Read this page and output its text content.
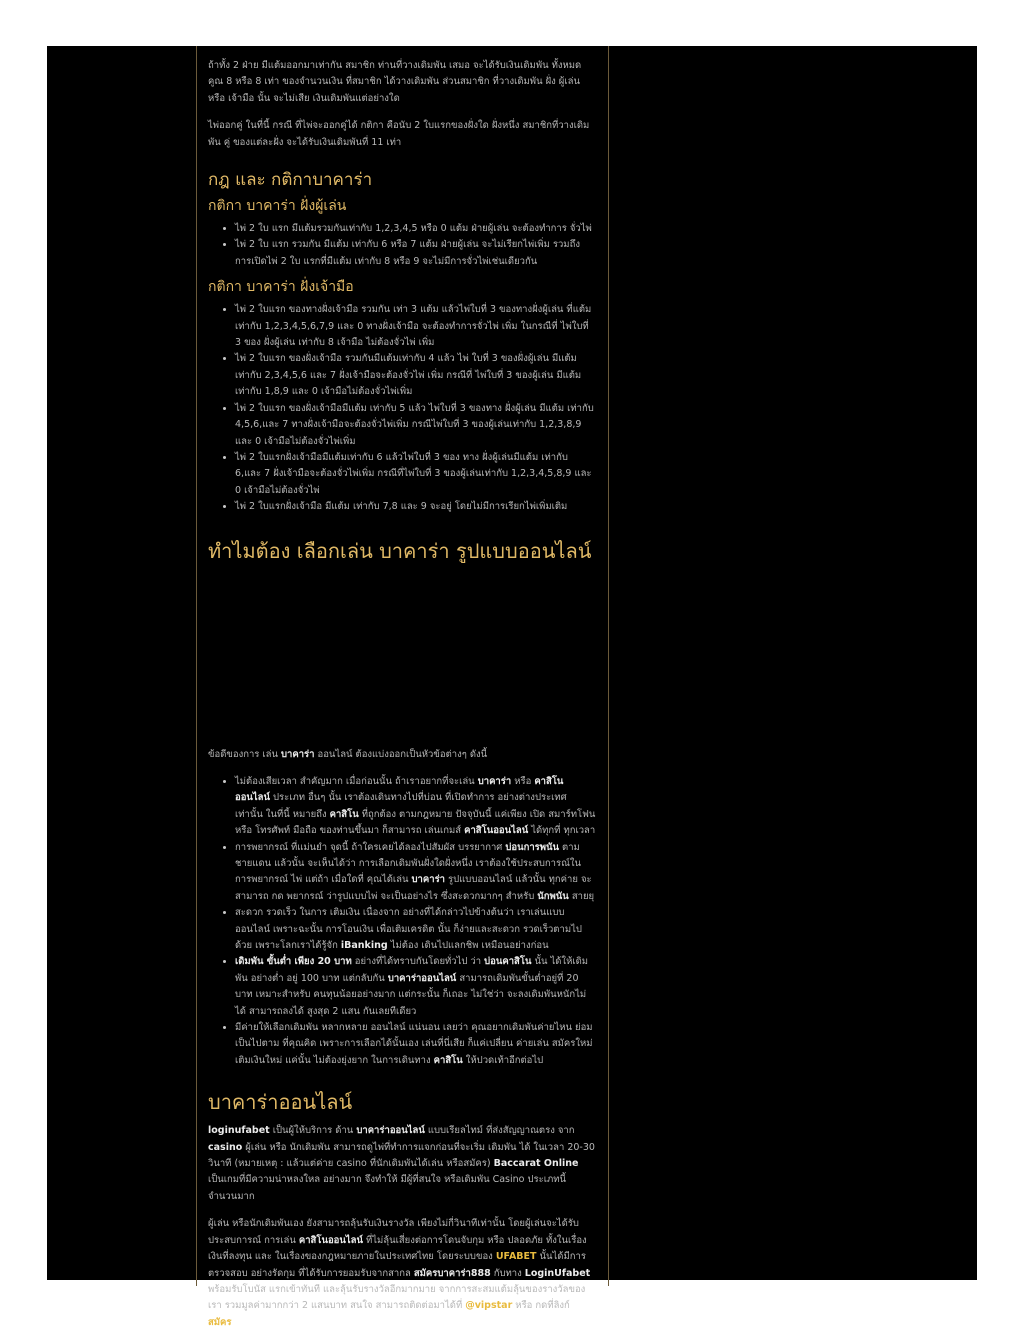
ถ้าทั้ง 2 ฝ่าย มีแต้มออกมาเท่ากัน สมาชิก ท่านที่วางเดิมพัน เสมอ จะได้รับเงินเดิมพัน ทั้งหมด คูณ 8 หรือ 8 เท่า ของจำนวนเงิน ที่สมาชิก ได้วางเดิมพัน ส่วนสมาชิก ที่วางเดิมพัน ฝั่ง ผู้เล่น หรือ เจ้ามือ นั้น จะไม่เสีย เงินเดิมพันแต่อย่างใด

ไพ่ออกคู่ ในที่นี้ กรณี ที่ไพ่จะออกคู่ได้ กติกา คือนับ 2 ใบแรกของฝั่งใด ฝั่งหนึ่ง สมาชิกที่วางเดิมพัน คู่ ของแต่ละฝั่ง จะได้รับเงินเดิมพันที่ 11 เท่า

กฎ และ กติกาบาคาร่า
กติกา บาคาร่า ฝั่งผู้เล่น
• ไพ่ 2 ใบ แรก มีแต้มรวมกันเท่ากับ 1,2,3,4,5 หรือ 0 แต้ม ฝ่ายผู้เล่น จะต้องทำการ จั่วไพ่
• ไพ่ 2 ใบ แรก รวมกัน มีแต้ม เท่ากับ 6 หรือ 7 แต้ม ฝ่ายผู้เล่น จะไม่เรียกไพ่เพิ่ม รวมถึง การเปิดไพ่ 2 ใบ แรกที่มีแต้ม เท่ากับ 8 หรือ 9 จะไม่มีการจั่วไพ่เช่นเดียวกัน
กติกา บาคาร่า ฝั่งเจ้ามือ
• ไพ่ 2 ใบแรก ของทางฝั่งเจ้ามือ รวมกัน เท่า 3 แต้ม แล้วไพ่ใบที่ 3 ของทางฝั่งผู้เล่น ที่แต้มเท่ากับ 1,2,3,4,5,6,7,9 และ 0 ทางฝั่งเจ้ามือ จะต้องทำการจั่วไพ่ เพิ่ม ในกรณีที่ ไพ่ใบที่ 3 ของ ฝั่งผู้เล่น เท่ากับ 8 เจ้ามือ ไม่ต้องจั่วไพ่ เพิ่ม
• ไพ่ 2 ใบแรก ของฝั่งเจ้ามือ รวมกันมีแต้มเท่ากับ 4 แล้ว ไพ่ ใบที่ 3 ของฝั่งผู้เล่น มีแต้มเท่ากับ 2,3,4,5,6 และ 7 ฝั่งเจ้ามือจะต้องจั่วไพ่ เพิ่ม กรณีที่ ไพ่ใบที่ 3 ของผู้เล่น มีแต้ม เท่ากับ 1,8,9 และ 0 เจ้ามือไม่ต้องจั่วไพ่เพิ่ม
• ไพ่ 2 ใบแรก ของฝั่งเจ้ามือมีแต้ม เท่ากับ 5 แล้ว ไพ่ใบที่ 3 ของทาง ฝั่งผู้เล่น มีแต้ม เท่ากับ 4,5,6,และ 7 ทางฝั่งเจ้ามือจะต้องจั่วไพ่เพิ่ม กรณีไพ่ใบที่ 3 ของผู้เล่นเท่ากับ 1,2,3,8,9 และ 0 เจ้ามือไม่ต้องจั่วไพ่เพิ่ม
• ไพ่ 2 ใบแรกฝั่งเจ้ามือมีแต้มเท่ากับ 6 แล้วไพ่ใบที่ 3 ของ ทาง ฝั่งผู้เล่นมีแต้ม เท่ากับ 6,และ 7 ฝั่งเจ้ามือจะต้องจั่วไพ่เพิ่ม กรณีที่ไพ่ใบที่ 3 ของผู้เล่นเท่ากับ 1,2,3,4,5,8,9 และ 0 เจ้ามือไม่ต้องจั่วไพ่
• ไพ่ 2 ใบแรกฝั่งเจ้ามือ มีแต้ม เท่ากับ 7,8 และ 9 จะอยู่ โดยไม่มีการเรียกไพ่เพิ่มเติม
ทำไมต้อง เลือกเล่น บาคาร่า รูปแบบออนไลน์

ข้อดีของการ เล่น บาคาร่า ออนไลน์ ต้องแบ่งออกเป็นหัวข้อต่างๆ ดังนี้

• ไม่ต้องเสียเวลา สำคัญมาก เมื่อก่อนนั้น ถ้าเราอยากที่จะเล่น บาคาร่า หรือ คาสิโนออนไลน์ ประเภท อื่นๆ นั้น เราต้องเดินทางไปที่บ่อน ที่เปิดทำการ อย่างต่างประเทศ เท่านั้น ในที่นี้ หมายถึง คาสิโน ที่ถูกต้อง ตามกฎหมาย ปัจจุบันนี้ แค่เพียง เปิด สมาร์ทโฟน หรือ โทรศัพท์ มือถือ ของท่านขึ้นมา ก็สามารถ เล่นเกมส์ คาสิโนออนไลน์ ได้ทุกที่ ทุกเวลา
• การพยากรณ์ ที่แม่นยำ จุดนี้ ถ้าใครเคยได้ลองไปสัมผัส บรรยากาศ บ่อนการพนัน ตามชายแดน แล้วนั้น จะเห็นได้ว่า การเลือกเดิมพันฝั่งใดฝั่งหนึ่ง เราต้องใช้ประสบการณ์ในการพยากรณ์ ไพ่ แต่ถ้า เมื่อใดที่ คุณได้เล่น บาคาร่า รูปแบบออนไลน์ แล้วนั้น ทุกค่าย จะสามารถ กด พยากรณ์ ว่ารูปแบบไพ่ จะเป็นอย่างไร ซึ่งสะดวกมากๆ สำหรับ นักพนัน สายยุ
• สะดวก รวดเร็ว ในการ เติมเงิน เนื่องจาก อย่างที่ได้กล่าวไปข้างต้นว่า เราเล่นแบบออนไลน์ เพราะฉะนั้น การโอนเงิน เพื่อเติมเครดิต นั้น ก็ง่ายและสะดวก รวดเร็วตามไปด้วย เพราะโลกเราได้รู้จัก iBanking ไม่ต้อง เดินไปแลกชิพ เหมือนอย่างก่อน
• เดิมพัน ขั้นต่ำ เพียง 20 บาท อย่างที่ได้ทราบกันโดยทั่วไป ว่า บ่อนคาสิโน นั้น ได้ให้เดิมพัน อย่างต่ำ อยู่ 100 บาท แต่กลับกัน บาคาร่าออนไลน์ สามารถเดิมพันขั้นต่ำอยู่ที่ 20 บาท เหมาะสำหรับ คนทุนน้อยอย่างมาก แต่กระนั้น ก็เถอะ ไม่ใช่ว่า จะลงเดิมพันหนักไม่ได้ สามารถลงได้ สูงสุด 2 แสน กันเลยทีเดียว
• มีค่ายให้เลือกเดิมพัน หลากหลาย ออนไลน์ แน่นอน เลยว่า คุณอยากเดิมพันค่ายไหน ย่อมเป็นไปตาม ที่คุณคิด เพราะการเลือกได้นั้นเอง เล่นที่นี่เสีย ก็แค่เปลี่ยน ค่ายเล่น สมัครใหม่ เติมเงินใหม่ แค่นั้น ไม่ต้องยุ่งยาก ในการเดินทาง คาสิโน ให้ปวดเท้าอีกต่อไป
บาคาร่าออนไลน์

loginufabet เป็นผู้ให้บริการ ด้าน บาคาร่าออนไลน์ แบบเรียลไทม์ ที่ส่งสัญญาณตรง จาก casino ผู้เล่น หรือ นักเดิมพัน สามารถดูไพ่ที่ทำการแจกก่อนที่จะเริ่ม เดิมพัน ได้ ในเวลา 20-30 วินาที (หมายเหตุ : แล้วแต่ค่าย casino ที่นักเดิมพันได้เล่น หรือสมัคร) Baccarat Online เป็นเกมที่มีความน่าหลงใหล อย่างมาก จึงทำให้ มีผู้ที่สนใจ หรือเดิมพัน Casino ประเภทนี้ จำนวนมาก

ผู้เล่น หรือนักเดิมพันเอง ยังสามารถลุ้นรับเงินรางวัล เพียงไม่กี่วินาทีเท่านั้น โดยผู้เล่นจะได้รับประสบการณ์ การเล่น คาสิโนออนไลน์ ที่ไม่ลุ้นเสี่ยงต่อการโดนจับกุม หรือ ปลอดภัย ทั้งในเรื่องเงินที่ลงทุน และ ในเรื่องของกฎหมายภายในประเทศไทย โดยระบบของ UFABET นั้นได้มีการตรวจสอบ อย่างรัดกุม ที่ได้รับการยอมรับจากสากล สมัครบาคาร่า888 กับทาง LoginUfabet พร้อมรับโบนัส แรกเข้าทันที และลุ้นรับรางวัลอีกมากมาย จากการสะสมแต้มลุ้นของรางวัลของเรา รวมมูลค่ามากกว่า 2 แสนบาท สนใจ สามารถติดต่อมาได้ที่ @vipstar หรือ กดที่ลิงก์ สมัคร
